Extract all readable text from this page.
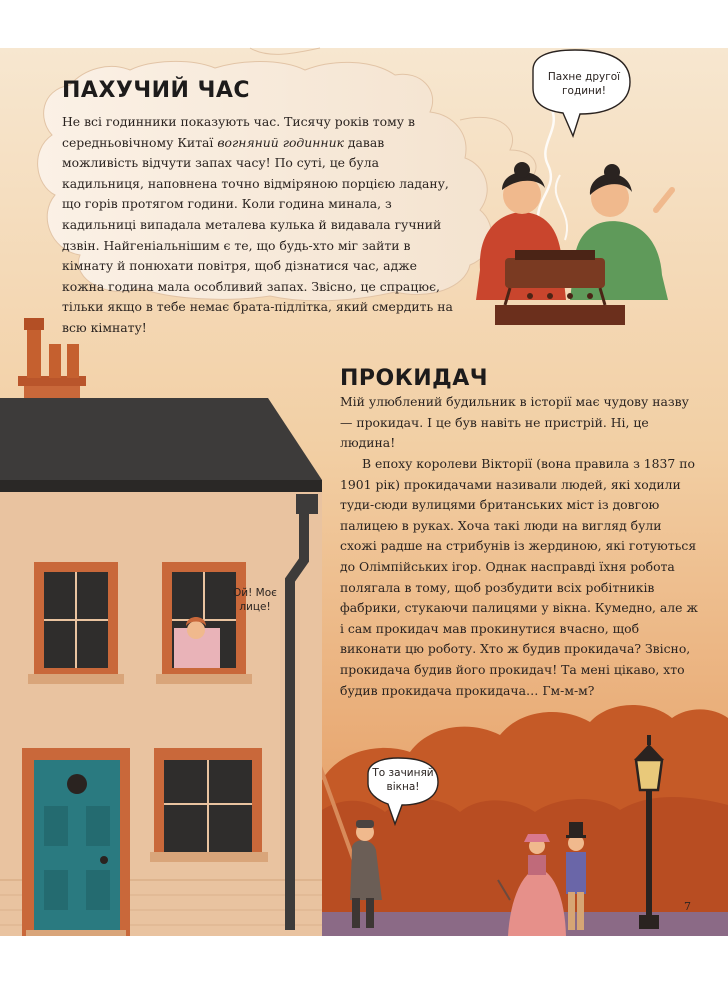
ПАХУЧИЙ ЧАС

Не всі годинники показують час. Тисячу років тому в середньовічному Китаї вогняний годинник давав можливість відчути запах часу! По суті, це була кадильниця, наповнена точно відміряною порцією ладану, що горів протягом години. Коли година минала, з кадильниці випадала металева кулька й видавала гучний дзвін. Найгеніальнішим є те, що будь-хто міг зайти в кімнату й понюхати повітря, щоб дізнатися час, адже кожна година мала особливий запах. Звісно, це спрацює, тільки якщо в тебе немає брата-підлітка, який смердить на всю кімнату!

Пахне другої години!
ПРОКИДАЧ

Мій улюблений будильник в історії має чудову назву — прокидач. І це був навіть не пристрій. Ні, це людина!

В епоху королеви Вікторії (вона правила з 1837 по 1901 рік) прокидачами називали людей, які ходили туди-сюди вулицями британських міст із довгою палицею в руках. Хоча такі люди на вигляд були схожі радше на стрибунів із жердиною, які готуються до Олімпійських ігор. Однак насправді їхня робота полягала в тому, щоб розбудити всіх робітників фабрики, стукаючи палицями у вікна. Кумедно, але ж і сам прокидач мав прокинутися вчасно, щоб виконати цю роботу. Хто ж будив прокидача? Звісно, прокидача будив його прокидач! Та мені цікаво, хто будив прокидача прокидача… Гм-м-м?

Ой! Моє лице!
То зачиняй вікна!
7
